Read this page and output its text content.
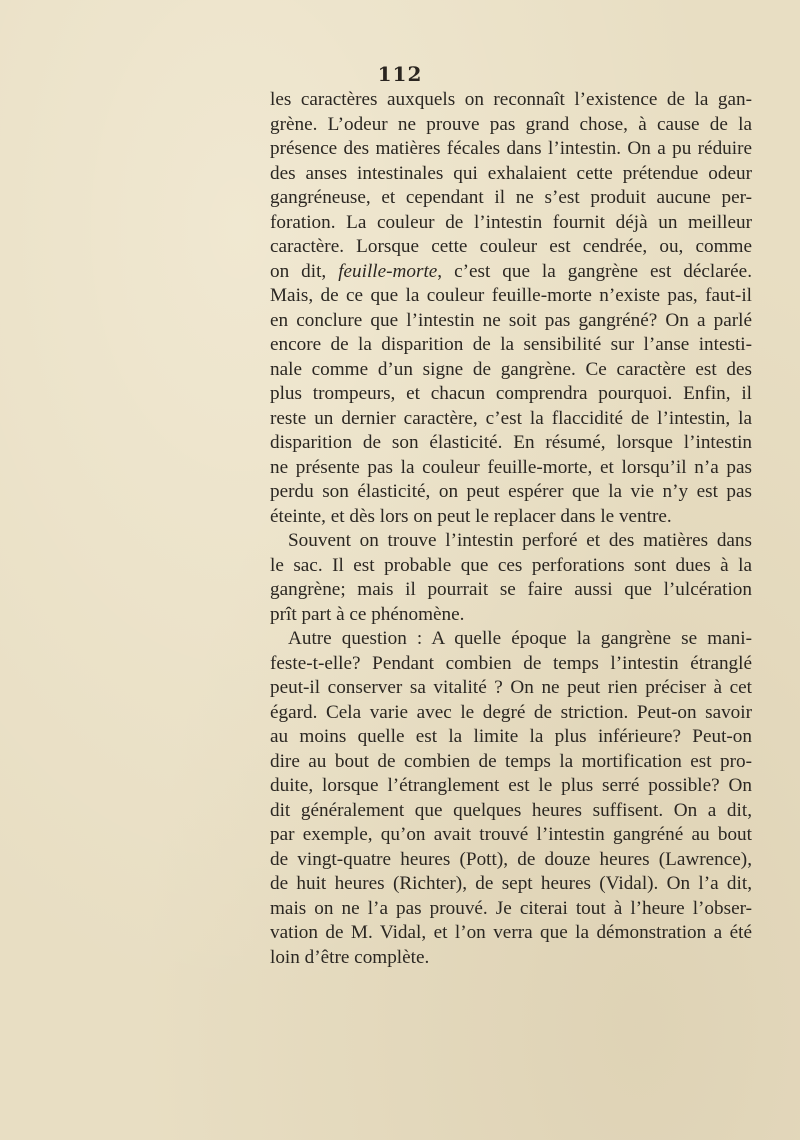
112
les caractères auxquels on reconnaît l’existence de la gan-
grène. L’odeur ne prouve pas grand chose, à cause de la
présence des matières fécales dans l’intestin. On a pu réduire
des anses intestinales qui exhalaient cette prétendue odeur
gangréneuse, et cependant il ne s’est produit aucune per-
foration. La couleur de l’intestin fournit déjà un meilleur
caractère. Lorsque cette couleur est cendrée, ou, comme
on dit, feuille-morte, c’est que la gangrène est déclarée.
Mais, de ce que la couleur feuille-morte n’existe pas, faut-il
en conclure que l’intestin ne soit pas gangréné? On a parlé
encore de la disparition de la sensibilité sur l’anse intesti-
nale comme d’un signe de gangrène. Ce caractère est des
plus trompeurs, et chacun comprendra pourquoi. Enfin, il
reste un dernier caractère, c’est la flaccidité de l’intestin, la
disparition de son élasticité. En résumé, lorsque l’intestin
ne présente pas la couleur feuille-morte, et lorsqu’il n’a pas
perdu son élasticité, on peut espérer que la vie n’y est pas
éteinte, et dès lors on peut le replacer dans le ventre.
Souvent on trouve l’intestin perforé et des matières dans
le sac. Il est probable que ces perforations sont dues à la
gangrène; mais il pourrait se faire aussi que l’ulcération
prît part à ce phénomène.
Autre question : A quelle époque la gangrène se mani-
feste-t-elle? Pendant combien de temps l’intestin étranglé
peut-il conserver sa vitalité ? On ne peut rien préciser à cet
égard. Cela varie avec le degré de striction. Peut-on savoir
au moins quelle est la limite la plus inférieure? Peut-on
dire au bout de combien de temps la mortification est pro-
duite, lorsque l’étranglement est le plus serré possible? On
dit généralement que quelques heures suffisent. On a dit,
par exemple, qu’on avait trouvé l’intestin gangréné au bout
de vingt-quatre heures (Pott), de douze heures (Lawrence),
de huit heures (Richter), de sept heures (Vidal). On l’a dit,
mais on ne l’a pas prouvé. Je citerai tout à l’heure l’obser-
vation de M. Vidal, et l’on verra que la démonstration a été
loin d’être complète.
